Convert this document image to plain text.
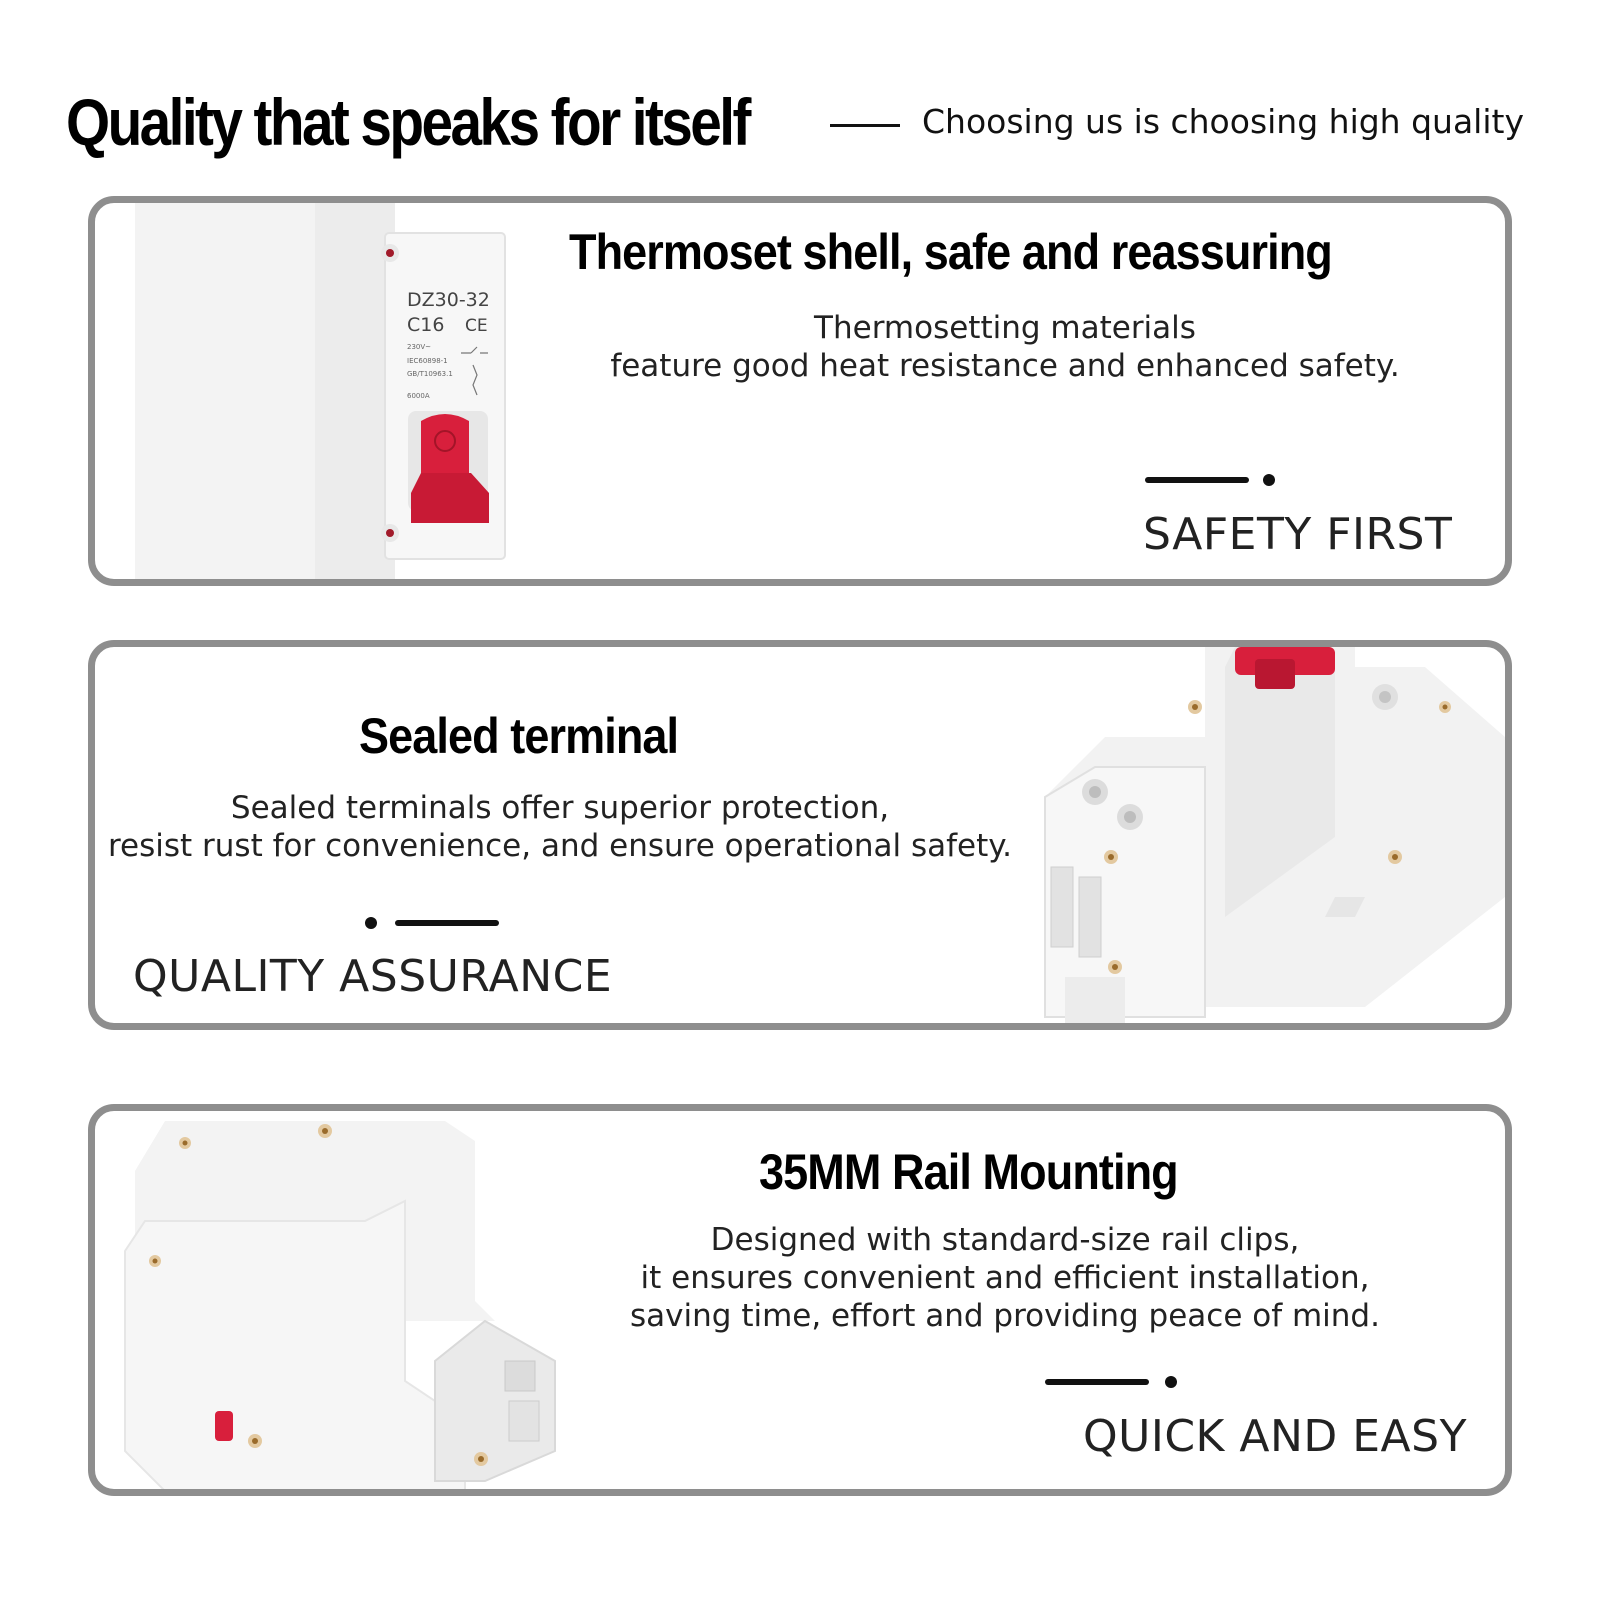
Quality that speaks for itself	Choosing us is choosing high quality
DZ30-32
C16 CE
230V~
IEC60898-1
GB/T10963.1
6000A
Thermoset shell, safe and reassuring
Thermosetting materials
feature good heat resistance and enhanced safety.
SAFETY FIRST
Sealed terminal
Sealed terminals offer superior protection,
resist rust for convenience, and ensure operational safety.
QUALITY ASSURANCE
35MM Rail Mounting
Designed with standard-size rail clips,
it ensures convenient and efficient installation,
saving time, effort and providing peace of mind.
QUICK AND EASY
